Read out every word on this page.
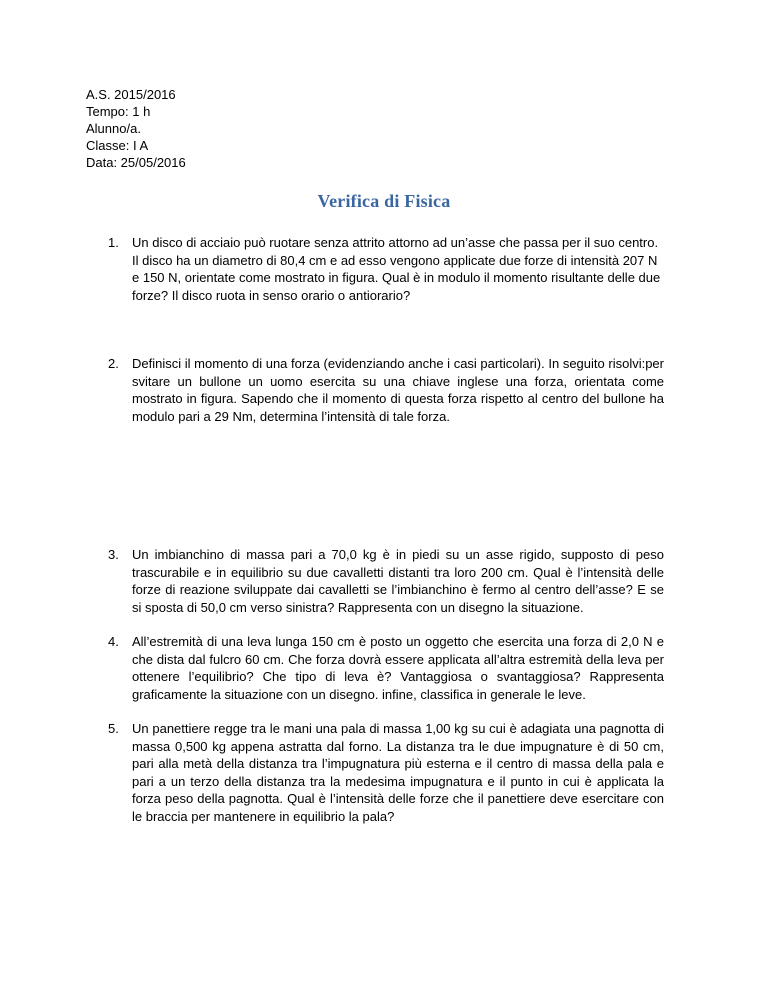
A.S. 2015/2016
Tempo: 1 h
Alunno/a.
Classe: I A
Data: 25/05/2016
Verifica di Fisica
1.	Un disco di acciaio può ruotare senza attrito attorno ad un’asse che passa per il suo centro. Il disco ha un diametro di 80,4 cm e ad esso vengono applicate due forze di intensità 207 N e 150 N, orientate come mostrato in figura. Qual è in modulo il momento risultante delle due forze? Il disco ruota in senso orario o antiorario?
2.	Definisci il momento di una forza (evidenziando anche i casi particolari). In seguito risolvi:per svitare un bullone un uomo esercita su una chiave inglese una forza, orientata come mostrato in figura. Sapendo che il momento di questa forza rispetto al centro del bullone ha modulo pari a 29 Nm, determina l’intensità di tale forza.
3.	Un imbianchino di massa pari a 70,0 kg è in piedi su un asse rigido, supposto di peso trascurabile e in equilibrio su due cavalletti distanti tra loro 200 cm. Qual è l’intensità delle forze di reazione sviluppate dai cavalletti se l’imbianchino è fermo al centro dell’asse? E se si sposta di 50,0 cm verso sinistra? Rappresenta con un disegno la situazione.
4.	All’estremità di una leva lunga 150 cm è posto un oggetto che esercita una forza di 2,0 N e che dista dal fulcro 60 cm. Che forza dovrà essere applicata all’altra estremità della leva per ottenere l’equilibrio? Che tipo di leva è? Vantaggiosa o svantaggiosa? Rappresenta graficamente la situazione con un disegno. infine, classifica in generale le leve.
5.	Un panettiere regge tra le mani una pala di massa 1,00 kg su cui è adagiata una pagnotta di massa 0,500 kg appena astratta dal forno. La distanza tra le due impugnature è di 50 cm, pari alla metà della distanza tra l’impugnatura più esterna e il centro di massa della pala e pari a un terzo della distanza tra la medesima impugnatura e il punto in cui è applicata la forza peso della pagnotta. Qual è l’intensità delle forze che il panettiere deve esercitare con le braccia per mantenere in equilibrio la pala?
